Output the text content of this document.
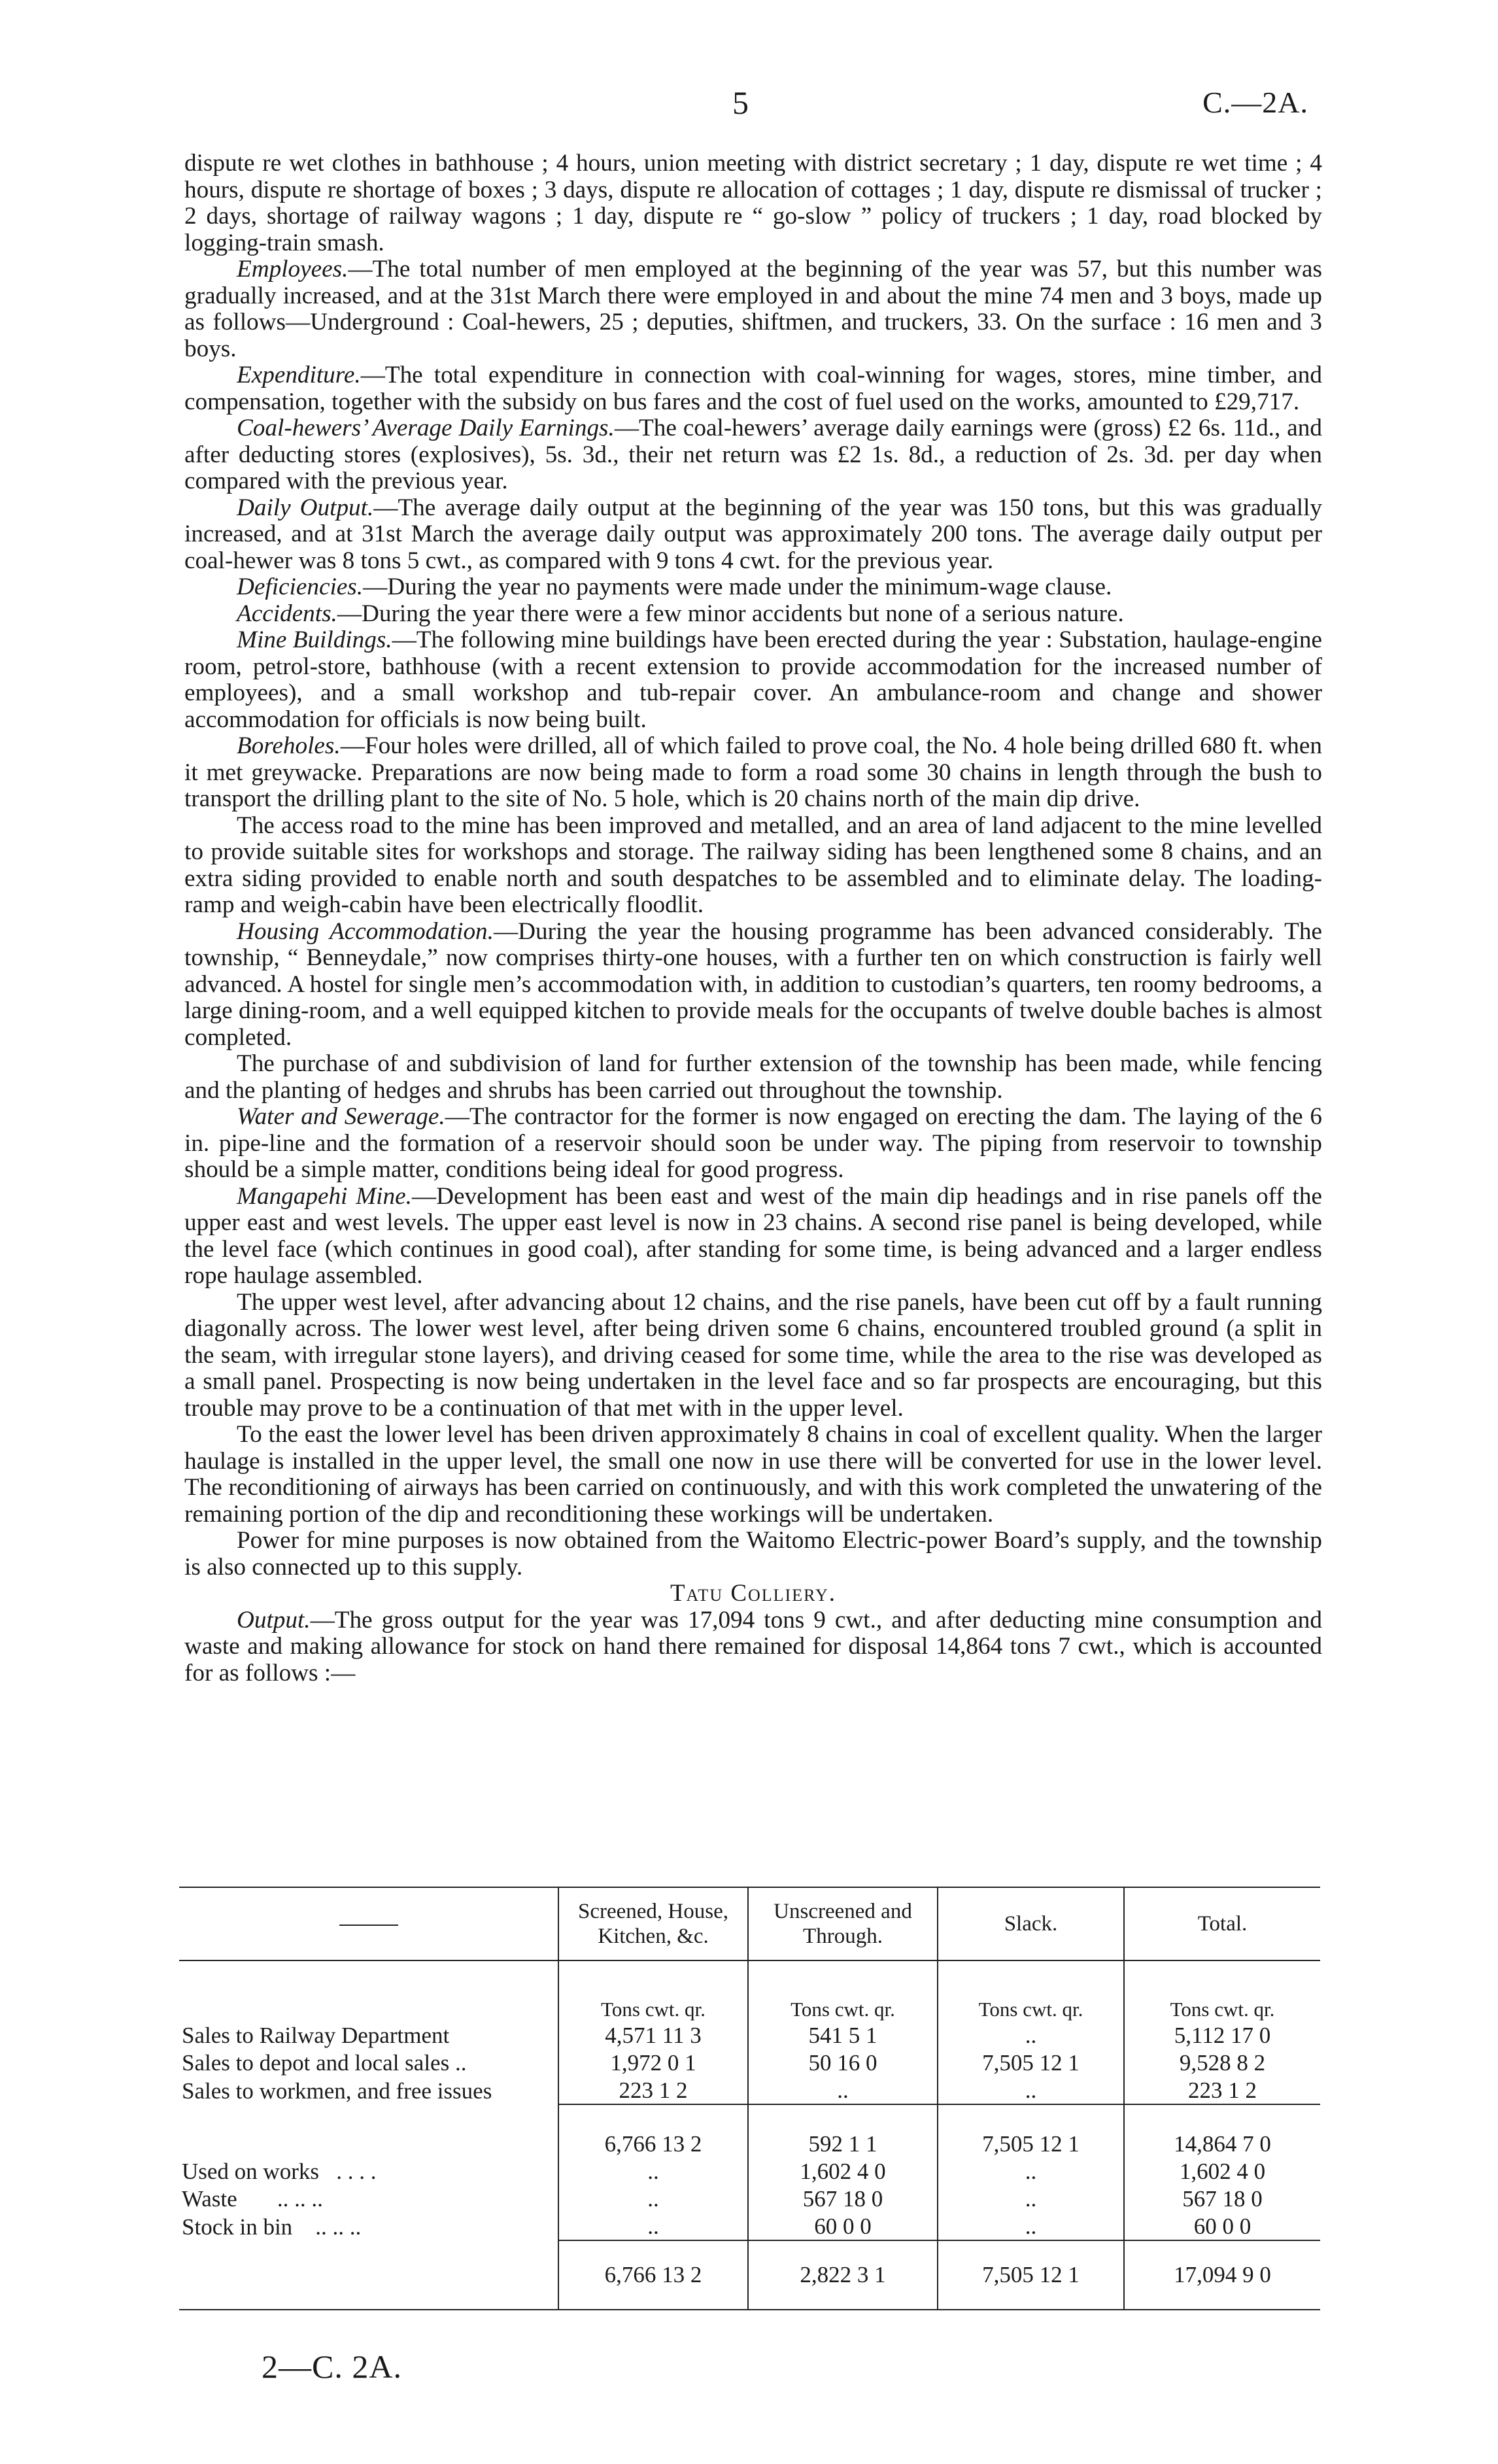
5	C.—2A.

dispute re wet clothes in bathhouse ; 4 hours, union meeting with district secretary ; 1 day, dispute re wet time ; 4 hours, dispute re shortage of boxes ; 3 days, dispute re allocation of cottages ; 1 day, dispute re dismissal of trucker ; 2 days, shortage of railway wagons ; 1 day, dispute re “ go-slow ” policy of truckers ; 1 day, road blocked by logging-train smash.

Employees.—The total number of men employed at the beginning of the year was 57, but this number was gradually increased, and at the 31st March there were employed in and about the mine 74 men and 3 boys, made up as follows—Underground : Coal-hewers, 25 ; deputies, shiftmen, and truckers, 33. On the surface : 16 men and 3 boys.

Expenditure.—The total expenditure in connection with coal-winning for wages, stores, mine timber, and compensation, together with the subsidy on bus fares and the cost of fuel used on the works, amounted to £29,717.

Coal-hewers’ Average Daily Earnings.—The coal-hewers’ average daily earnings were (gross) £2 6s. 11d., and after deducting stores (explosives), 5s. 3d., their net return was £2 1s. 8d., a reduction of 2s. 3d. per day when compared with the previous year.

Daily Output.—The average daily output at the beginning of the year was 150 tons, but this was gradually increased, and at 31st March the average daily output was approximately 200 tons. The average daily output per coal-hewer was 8 tons 5 cwt., as compared with 9 tons 4 cwt. for the previous year.

Deficiencies.—During the year no payments were made under the minimum-wage clause.

Accidents.—During the year there were a few minor accidents but none of a serious nature.

Mine Buildings.—The following mine buildings have been erected during the year : Substation, haulage-engine room, petrol-store, bathhouse (with a recent extension to provide accommodation for the increased number of employees), and a small workshop and tub-repair cover. An ambulance-room and change and shower accommodation for officials is now being built.

Boreholes.—Four holes were drilled, all of which failed to prove coal, the No. 4 hole being drilled 680 ft. when it met greywacke. Preparations are now being made to form a road some 30 chains in length through the bush to transport the drilling plant to the site of No. 5 hole, which is 20 chains north of the main dip drive.

The access road to the mine has been improved and metalled, and an area of land adjacent to the mine levelled to provide suitable sites for workshops and storage. The railway siding has been lengthened some 8 chains, and an extra siding provided to enable north and south despatches to be assembled and to eliminate delay. The loading-ramp and weigh-cabin have been electrically floodlit.

Housing Accommodation.—During the year the housing programme has been advanced considerably. The township, “ Benneydale,” now comprises thirty-one houses, with a further ten on which construction is fairly well advanced. A hostel for single men’s accommodation with, in addition to custodian’s quarters, ten roomy bedrooms, a large dining-room, and a well equipped kitchen to provide meals for the occupants of twelve double baches is almost completed.

The purchase of and subdivision of land for further extension of the township has been made, while fencing and the planting of hedges and shrubs has been carried out throughout the township.

Water and Sewerage.—The contractor for the former is now engaged on erecting the dam. The laying of the 6 in. pipe-line and the formation of a reservoir should soon be under way. The piping from reservoir to township should be a simple matter, conditions being ideal for good progress.

Mangapehi Mine.—Development has been east and west of the main dip headings and in rise panels off the upper east and west levels. The upper east level is now in 23 chains. A second rise panel is being developed, while the level face (which continues in good coal), after standing for some time, is being advanced and a larger endless rope haulage assembled.

The upper west level, after advancing about 12 chains, and the rise panels, have been cut off by a fault running diagonally across. The lower west level, after being driven some 6 chains, encountered troubled ground (a split in the seam, with irregular stone layers), and driving ceased for some time, while the area to the rise was developed as a small panel. Prospecting is now being undertaken in the level face and so far prospects are encouraging, but this trouble may prove to be a continuation of that met with in the upper level.

To the east the lower level has been driven approximately 8 chains in coal of excellent quality. When the larger haulage is installed in the upper level, the small one now in use there will be converted for use in the lower level. The reconditioning of airways has been carried on continuously, and with this work completed the unwatering of the remaining portion of the dip and reconditioning these workings will be undertaken.

Power for mine purposes is now obtained from the Waitomo Electric-power Board’s supply, and the township is also connected up to this supply.

Tatu Colliery.

Output.—The gross output for the year was 17,094 tons 9 cwt., and after deducting mine consumption and waste and making allowance for stock on hand there remained for disposal 14,864 tons 7 cwt., which is accounted for as follows :—

	Screened, House, Kitchen, &c.	Unscreened and Through.	Slack.	Total.
	Tons cwt. qr.	Tons cwt. qr.	Tons cwt. qr.	Tons cwt. qr.
Sales to Railway Department	4,571 11 3	541 5 1	..	5,112 17 0
Sales to depot and local sales ..	1,972 0 1	50 16 0	7,505 12 1	9,528 8 2
Sales to workmen, and free issues	223 1 2	..	..	223 1 2
	6,766 13 2	592 1 1	7,505 12 1	14,864 7 0
Used on works . . . .	..	1,602 4 0	..	1,602 4 0
Waste .. .. ..	..	567 18 0	..	567 18 0
Stock in bin .. .. ..	..	60 0 0	..	60 0 0
	6,766 13 2	2,822 3 1	7,505 12 1	17,094 9 0
2—C. 2A.
